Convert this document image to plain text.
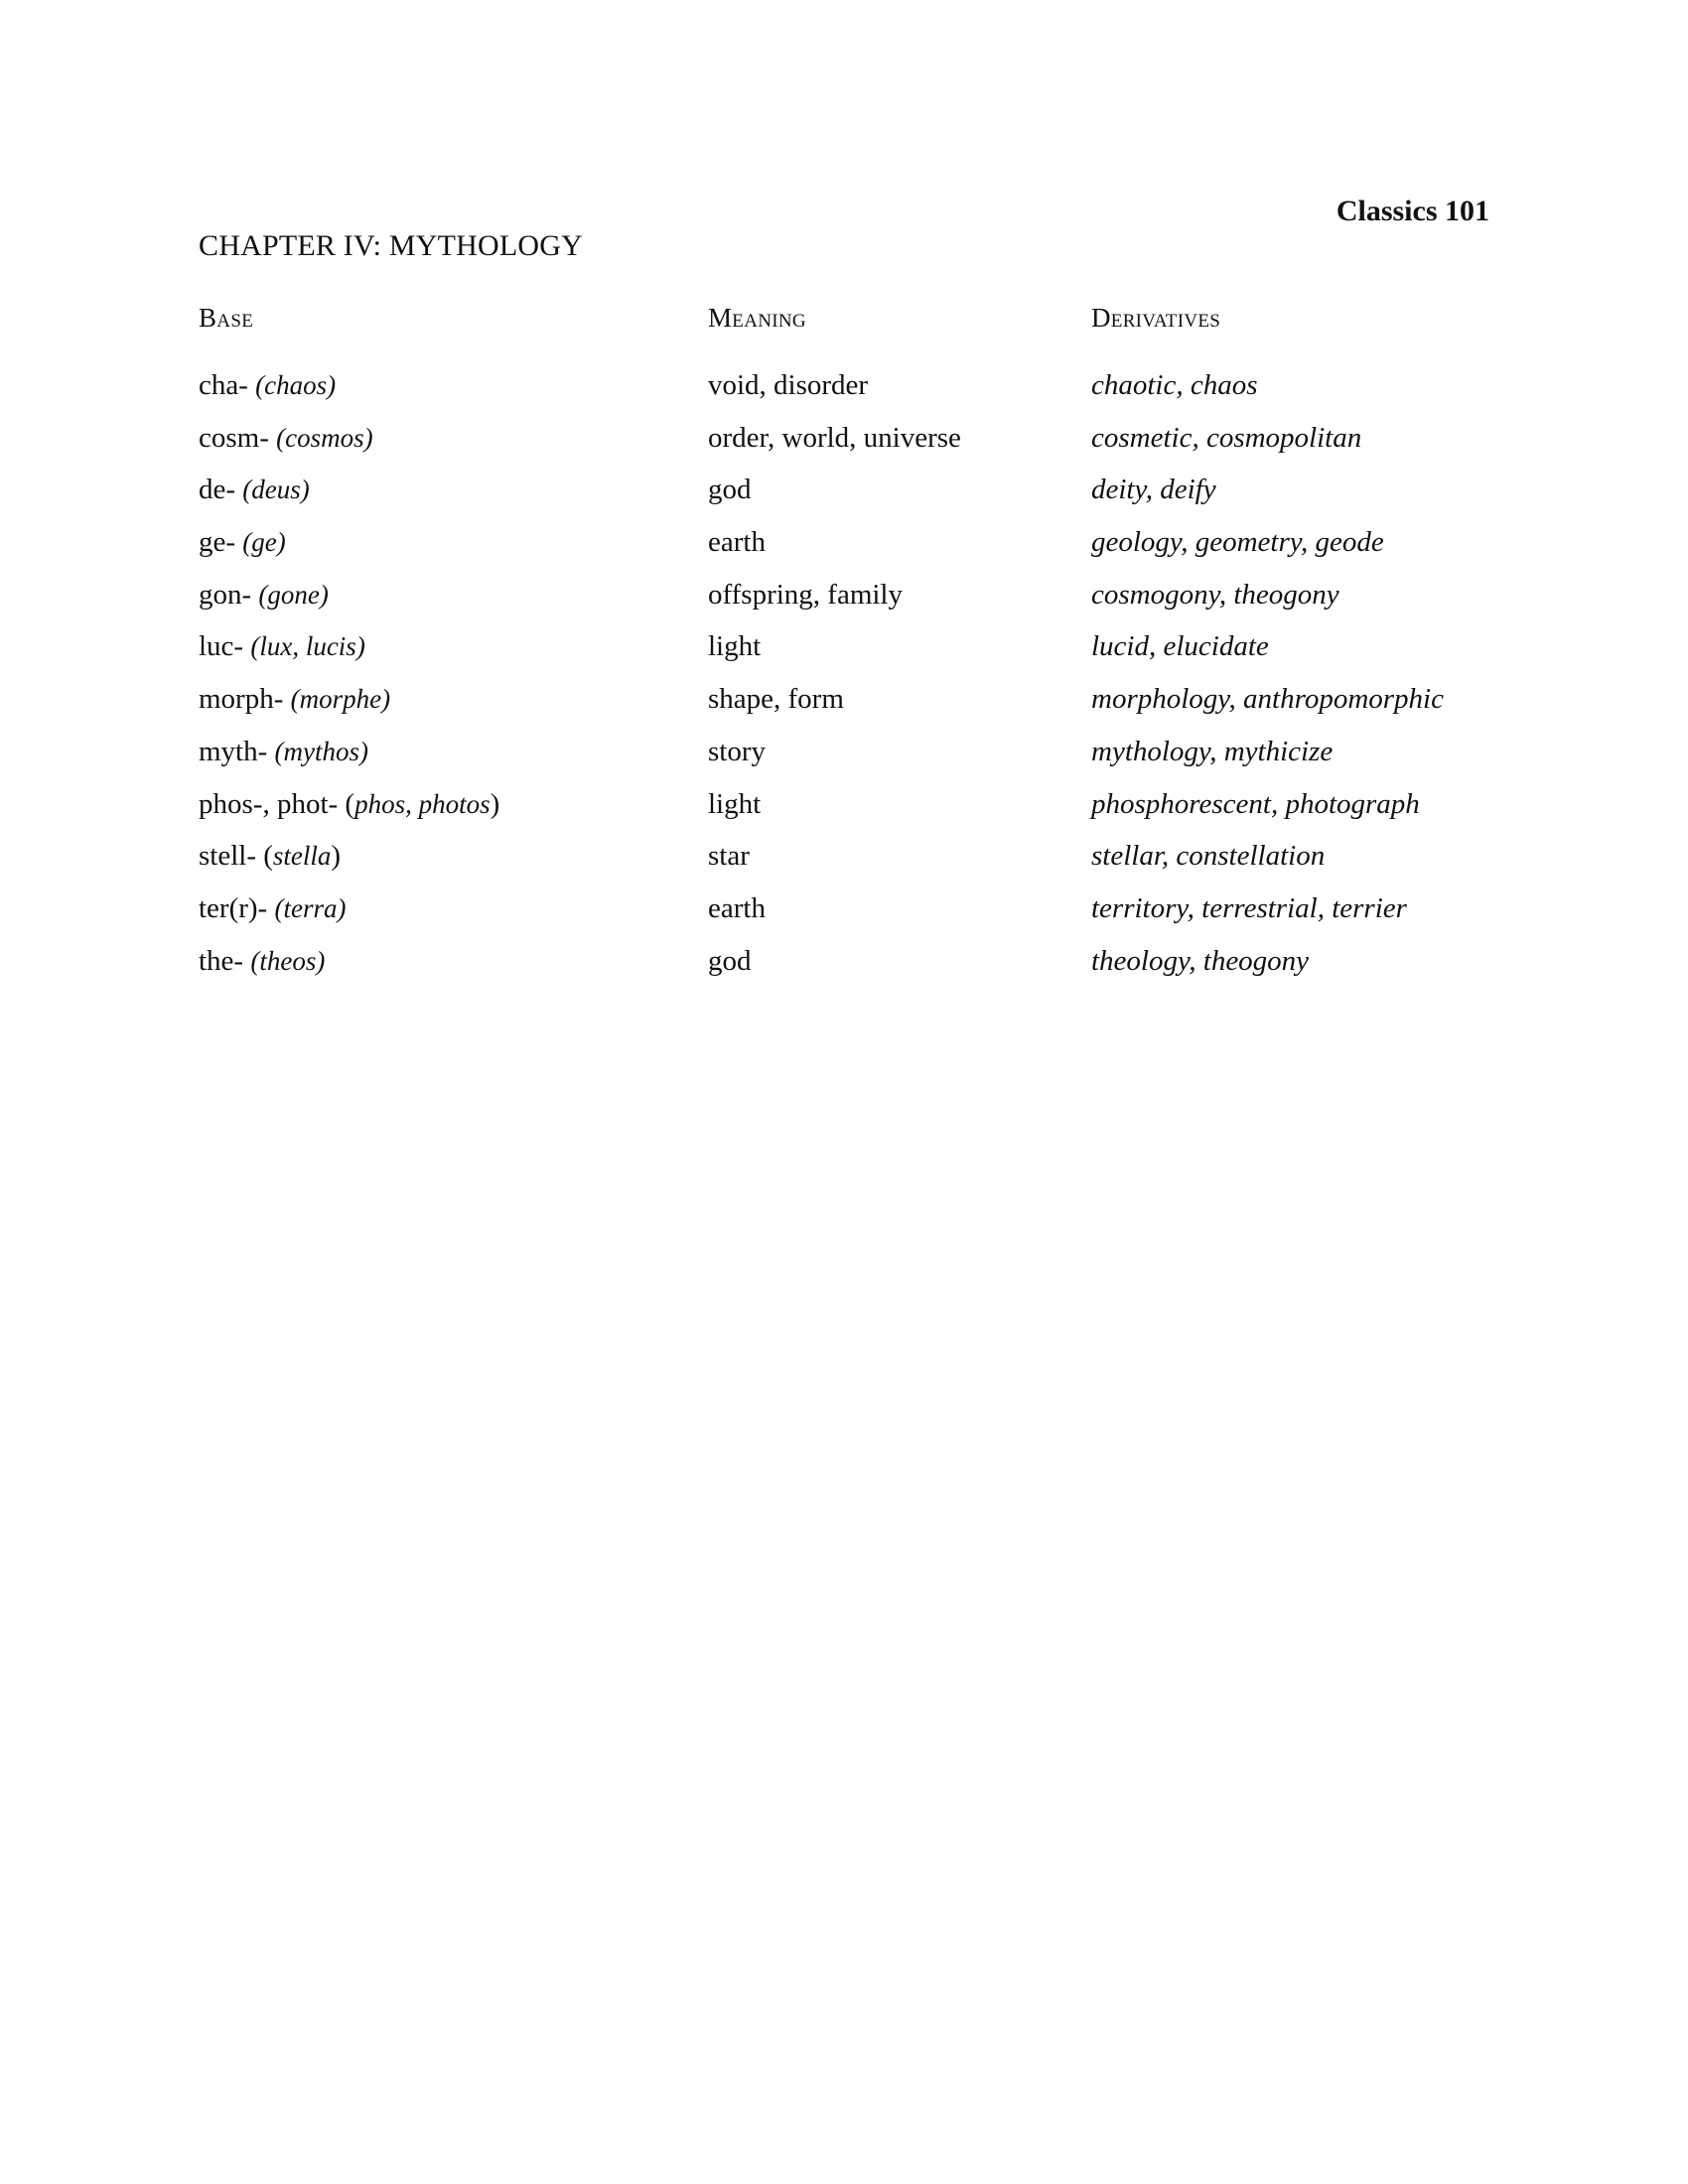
Classics 101
CHAPTER IV: MYTHOLOGY
Base	Meaning	Derivatives
cha- (chaos)	void, disorder	chaotic, chaos
cosm- (cosmos)	order, world, universe	cosmetic, cosmopolitan
de- (deus)	god	deity, deify
ge- (ge)	earth	geology, geometry, geode
gon- (gone)	offspring, family	cosmogony, theogony
luc- (lux, lucis)	light	lucid, elucidate
morph- (morphe)	shape, form	morphology, anthropomorphic
myth- (mythos)	story	mythology, mythicize
phos-, phot- (phos, photos)	light	phosphorescent, photograph
stell- (stella)	star	stellar, constellation
ter(r)- (terra)	earth	territory, terrestrial, terrier
the- (theos)	god	theology, theogony
